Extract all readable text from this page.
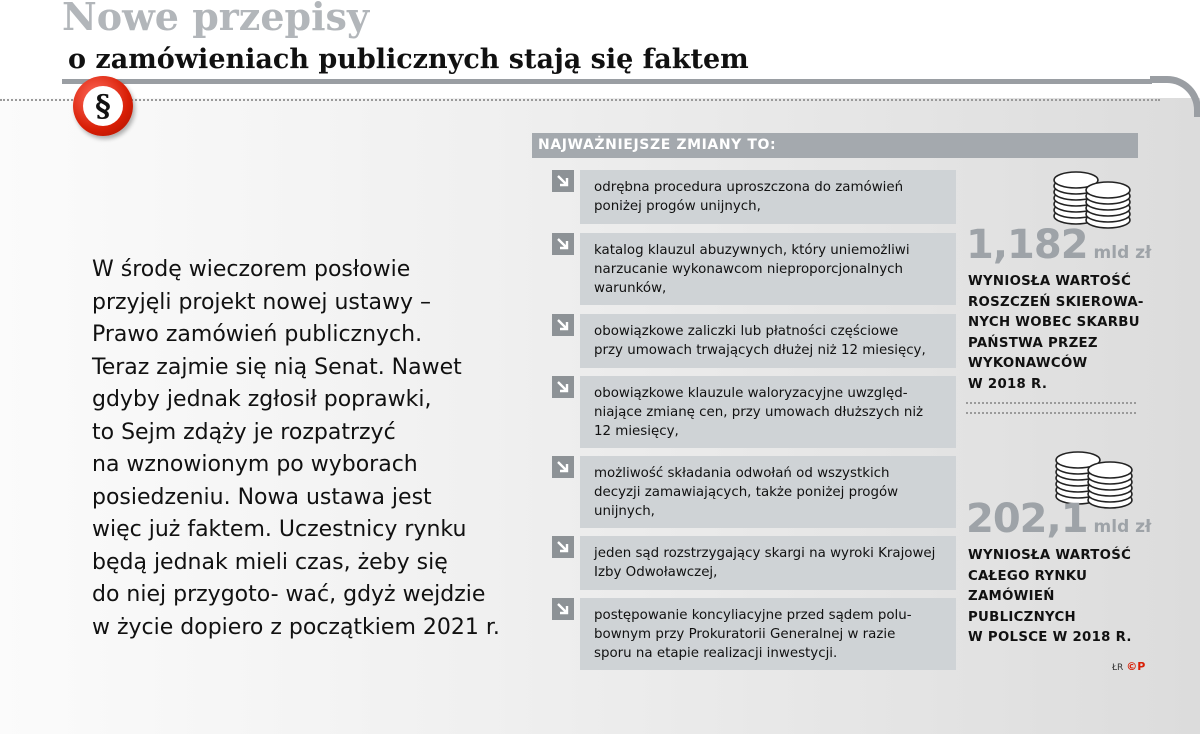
Nowe przepisy
o zamówieniach publicznych stają się faktem
§
W środę wieczorem posłowie
przyjęli projekt nowej ustawy –
Prawo zamówień publicznych.
Teraz zajmie się nią Senat. Nawet
gdyby jednak zgłosił poprawki,
to Sejm zdąży je rozpatrzyć
na wznowionym po wyborach
posiedzeniu. Nowa ustawa jest
więc już faktem. Uczestnicy rynku
będą jednak mieli czas, żeby się
do niej przygoto- wać, gdyż wejdzie
w życie dopiero z początkiem 2021 r.
NAJWAŻNIEJSZE ZMIANY TO:
odrębna procedura uproszczona do zamówień
poniżej progów unijnych,
katalog klauzul abuzywnych, który uniemożliwi
narzucanie wykonawcom nieproporcjonalnych
warunków,
obowiązkowe zaliczki lub płatności częściowe
przy umowach trwających dłużej niż 12 miesięcy,
obowiązkowe klauzule waloryzacyjne uwzględ-
niające zmianę cen, przy umowach dłuższych niż
12 miesięcy,
możliwość składania odwołań od wszystkich
decyzji zamawiających, także poniżej progów
unijnych,
jeden sąd rozstrzygający skargi na wyroki Krajowej
Izby Odwoławczej,
postępowanie koncyliacyjne przed sądem polu-
bownym przy Prokuratorii Generalnej w razie
sporu na etapie realizacji inwestycji.
1,182 mld zł
WYNIOSŁA WARTOŚĆ
ROSZCZEŃ SKIEROWA-
NYCH WOBEC SKARBU
PAŃSTWA PRZEZ
WYKONAWCÓW
W 2018 R.
202,1 mld zł
WYNIOSŁA WARTOŚĆ
CAŁEGO RYNKU
ZAMÓWIEŃ
PUBLICZNYCH
W POLSCE W 2018 R.
ŁR ©P
